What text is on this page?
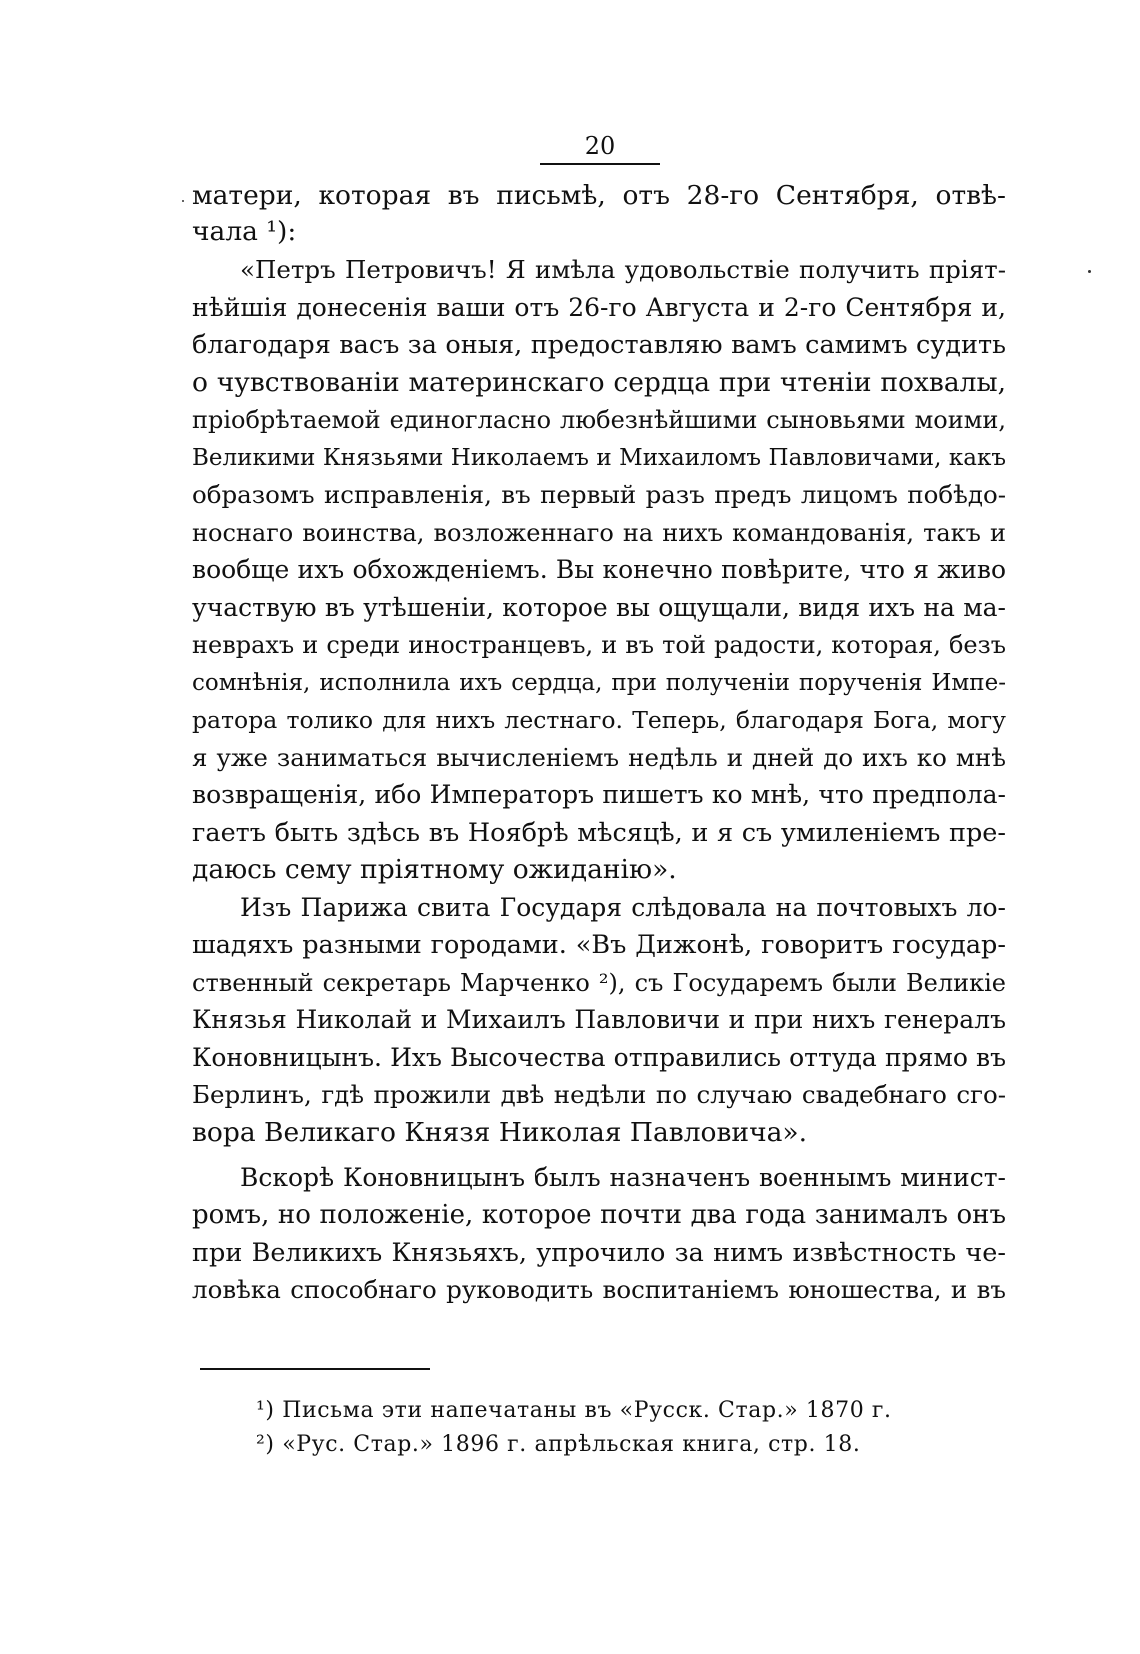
20
матери, которая въ письмѣ, отъ 28-го Сентября, отвѣ-
чала ¹):
«Петръ Петровичъ! Я имѣла удовольствіе получить пріят-
нѣйшія донесенія ваши отъ 26-го Августа и 2-го Сентября и,
благодаря васъ за оныя, предоставляю вамъ самимъ судить
о чувствованіи материнскаго сердца при чтеніи похвалы,
пріобрѣтаемой единогласно любезнѣйшими сыновьями моими,
Великими Князьями Николаемъ и Михаиломъ Павловичами, какъ
образомъ исправленія, въ первый разъ предъ лицомъ побѣдо-
носнаго воинства, возложеннаго на нихъ командованія, такъ и
вообще ихъ обхожденіемъ. Вы конечно повѣрите, что я живо
участвую въ утѣшеніи, которое вы ощущали, видя ихъ на ма-
неврахъ и среди иностранцевъ, и въ той радости, которая, безъ
сомнѣнія, исполнила ихъ сердца, при полученіи порученія Импе-
ратора толико для нихъ лестнаго. Теперь, благодаря Бога, могу
я уже заниматься вычисленіемъ недѣль и дней до ихъ ко мнѣ
возвращенія, ибо Императоръ пишетъ ко мнѣ, что предпола-
гаетъ быть здѣсь въ Ноябрѣ мѣсяцѣ, и я съ умиленіемъ пре-
даюсь сему пріятному ожиданію».
Изъ Парижа свита Государя слѣдовала на почтовыхъ ло-
шадяхъ разными городами. «Въ Дижонѣ, говоритъ государ-
ственный секретарь Марченко ²), съ Государемъ были Великіе
Князья Николай и Михаилъ Павловичи и при нихъ генералъ
Коновницынъ. Ихъ Высочества отправились оттуда прямо въ
Берлинъ, гдѣ прожили двѣ недѣли по случаю свадебнаго сго-
вора Великаго Князя Николая Павловича».
Вскорѣ Коновницынъ былъ назначенъ военнымъ минист-
ромъ, но положеніе, которое почти два года занималъ онъ
при Великихъ Князьяхъ, упрочило за нимъ извѣстность че-
ловѣка способнаго руководить воспитаніемъ юношества, и въ
¹) Письма эти напечатаны въ «Русск. Стар.» 1870 г.
²) «Рус. Стар.» 1896 г. апрѣльская книга, стр. 18.
